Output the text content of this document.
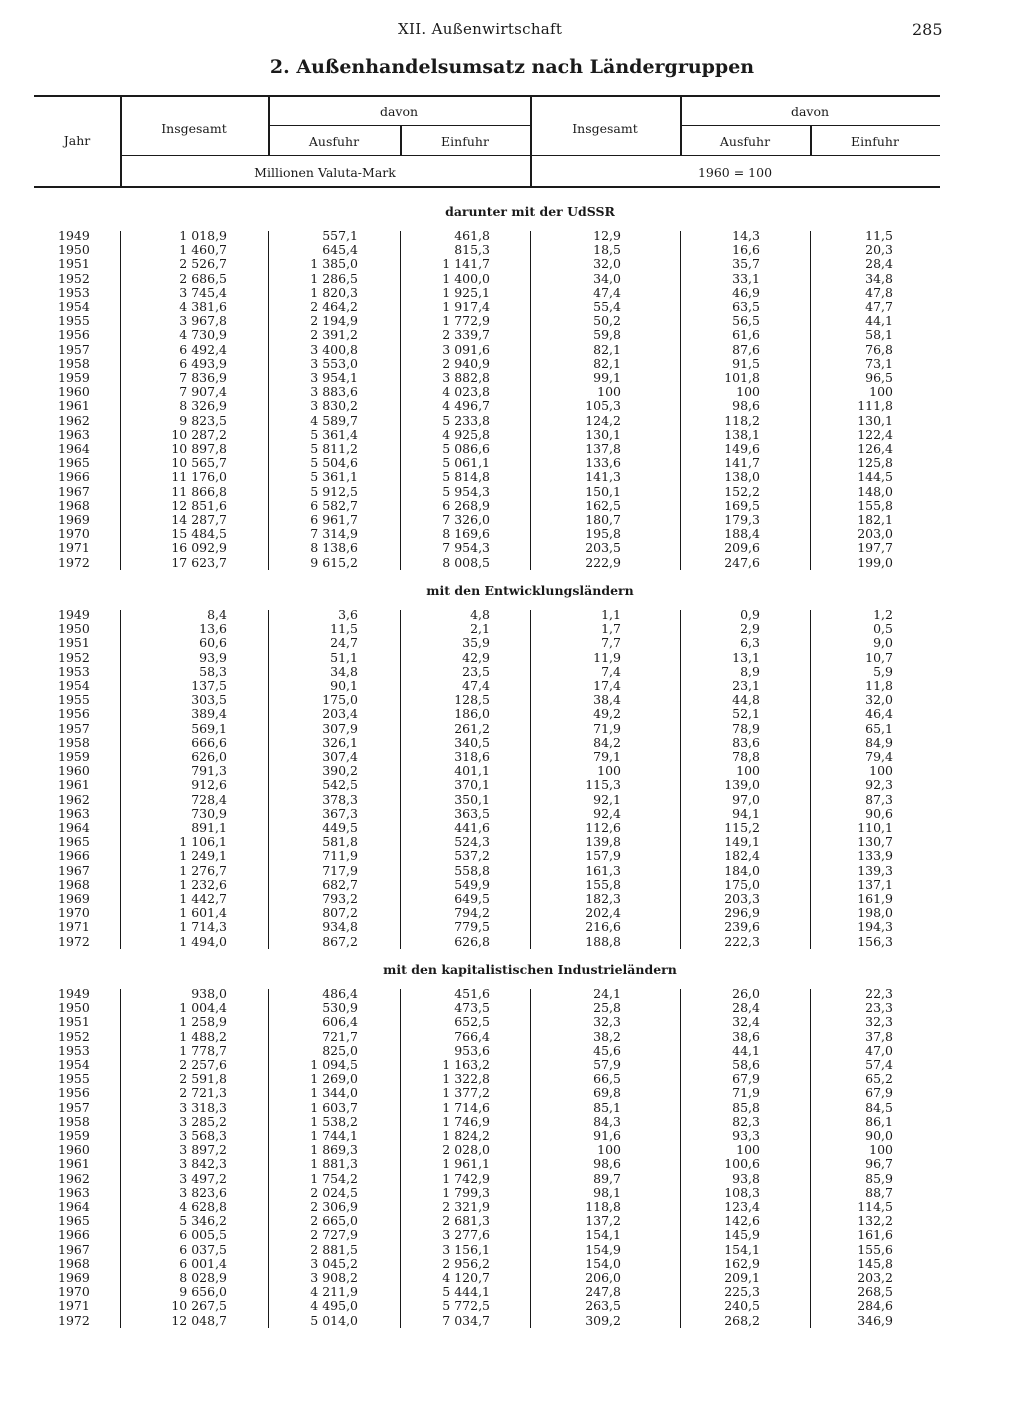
XII. Außenwirtschaft	285
2. Außenhandelsumsatz nach Ländergruppen
Jahr
Insgesamt
davon
Ausfuhr	Einfuhr
Insgesamt
davon
Ausfuhr	Einfuhr
Millionen Valuta-Mark	1960 = 100
darunter mit der UdSSR
mit den Entwicklungsländern
mit den kapitalistischen Industrieländern
1949	1 018,9	557,1	461,8	12,9	14,3	11,5
1950	1 460,7	645,4	815,3	18,5	16,6	20,3
1951	2 526,7	1 385,0	1 141,7	32,0	35,7	28,4
1952	2 686,5	1 286,5	1 400,0	34,0	33,1	34,8
1953	3 745,4	1 820,3	1 925,1	47,4	46,9	47,8
1954	4 381,6	2 464,2	1 917,4	55,4	63,5	47,7
1955	3 967,8	2 194,9	1 772,9	50,2	56,5	44,1
1956	4 730,9	2 391,2	2 339,7	59,8	61,6	58,1
1957	6 492,4	3 400,8	3 091,6	82,1	87,6	76,8
1958	6 493,9	3 553,0	2 940,9	82,1	91,5	73,1
1959	7 836,9	3 954,1	3 882,8	99,1	101,8	96,5
1960	7 907,4	3 883,6	4 023,8	100	100	100
1961	8 326,9	3 830,2	4 496,7	105,3	98,6	111,8
1962	9 823,5	4 589,7	5 233,8	124,2	118,2	130,1
1963	10 287,2	5 361,4	4 925,8	130,1	138,1	122,4
1964	10 897,8	5 811,2	5 086,6	137,8	149,6	126,4
1965	10 565,7	5 504,6	5 061,1	133,6	141,7	125,8
1966	11 176,0	5 361,1	5 814,8	141,3	138,0	144,5
1967	11 866,8	5 912,5	5 954,3	150,1	152,2	148,0
1968	12 851,6	6 582,7	6 268,9	162,5	169,5	155,8
1969	14 287,7	6 961,7	7 326,0	180,7	179,3	182,1
1970	15 484,5	7 314,9	8 169,6	195,8	188,4	203,0
1971	16 092,9	8 138,6	7 954,3	203,5	209,6	197,7
1972	17 623,7	9 615,2	8 008,5	222,9	247,6	199,0
1949	8,4	3,6	4,8	1,1	0,9	1,2
1950	13,6	11,5	2,1	1,7	2,9	0,5
1951	60,6	24,7	35,9	7,7	6,3	9,0
1952	93,9	51,1	42,9	11,9	13,1	10,7
1953	58,3	34,8	23,5	7,4	8,9	5,9
1954	137,5	90,1	47,4	17,4	23,1	11,8
1955	303,5	175,0	128,5	38,4	44,8	32,0
1956	389,4	203,4	186,0	49,2	52,1	46,4
1957	569,1	307,9	261,2	71,9	78,9	65,1
1958	666,6	326,1	340,5	84,2	83,6	84,9
1959	626,0	307,4	318,6	79,1	78,8	79,4
1960	791,3	390,2	401,1	100	100	100
1961	912,6	542,5	370,1	115,3	139,0	92,3
1962	728,4	378,3	350,1	92,1	97,0	87,3
1963	730,9	367,3	363,5	92,4	94,1	90,6
1964	891,1	449,5	441,6	112,6	115,2	110,1
1965	1 106,1	581,8	524,3	139,8	149,1	130,7
1966	1 249,1	711,9	537,2	157,9	182,4	133,9
1967	1 276,7	717,9	558,8	161,3	184,0	139,3
1968	1 232,6	682,7	549,9	155,8	175,0	137,1
1969	1 442,7	793,2	649,5	182,3	203,3	161,9
1970	1 601,4	807,2	794,2	202,4	296,9	198,0
1971	1 714,3	934,8	779,5	216,6	239,6	194,3
1972	1 494,0	867,2	626,8	188,8	222,3	156,3
1949	938,0	486,4	451,6	24,1	26,0	22,3
1950	1 004,4	530,9	473,5	25,8	28,4	23,3
1951	1 258,9	606,4	652,5	32,3	32,4	32,3
1952	1 488,2	721,7	766,4	38,2	38,6	37,8
1953	1 778,7	825,0	953,6	45,6	44,1	47,0
1954	2 257,6	1 094,5	1 163,2	57,9	58,6	57,4
1955	2 591,8	1 269,0	1 322,8	66,5	67,9	65,2
1956	2 721,3	1 344,0	1 377,2	69,8	71,9	67,9
1957	3 318,3	1 603,7	1 714,6	85,1	85,8	84,5
1958	3 285,2	1 538,2	1 746,9	84,3	82,3	86,1
1959	3 568,3	1 744,1	1 824,2	91,6	93,3	90,0
1960	3 897,2	1 869,3	2 028,0	100	100	100
1961	3 842,3	1 881,3	1 961,1	98,6	100,6	96,7
1962	3 497,2	1 754,2	1 742,9	89,7	93,8	85,9
1963	3 823,6	2 024,5	1 799,3	98,1	108,3	88,7
1964	4 628,8	2 306,9	2 321,9	118,8	123,4	114,5
1965	5 346,2	2 665,0	2 681,3	137,2	142,6	132,2
1966	6 005,5	2 727,9	3 277,6	154,1	145,9	161,6
1967	6 037,5	2 881,5	3 156,1	154,9	154,1	155,6
1968	6 001,4	3 045,2	2 956,2	154,0	162,9	145,8
1969	8 028,9	3 908,2	4 120,7	206,0	209,1	203,2
1970	9 656,0	4 211,9	5 444,1	247,8	225,3	268,5
1971	10 267,5	4 495,0	5 772,5	263,5	240,5	284,6
1972	12 048,7	5 014,0	7 034,7	309,2	268,2	346,9
